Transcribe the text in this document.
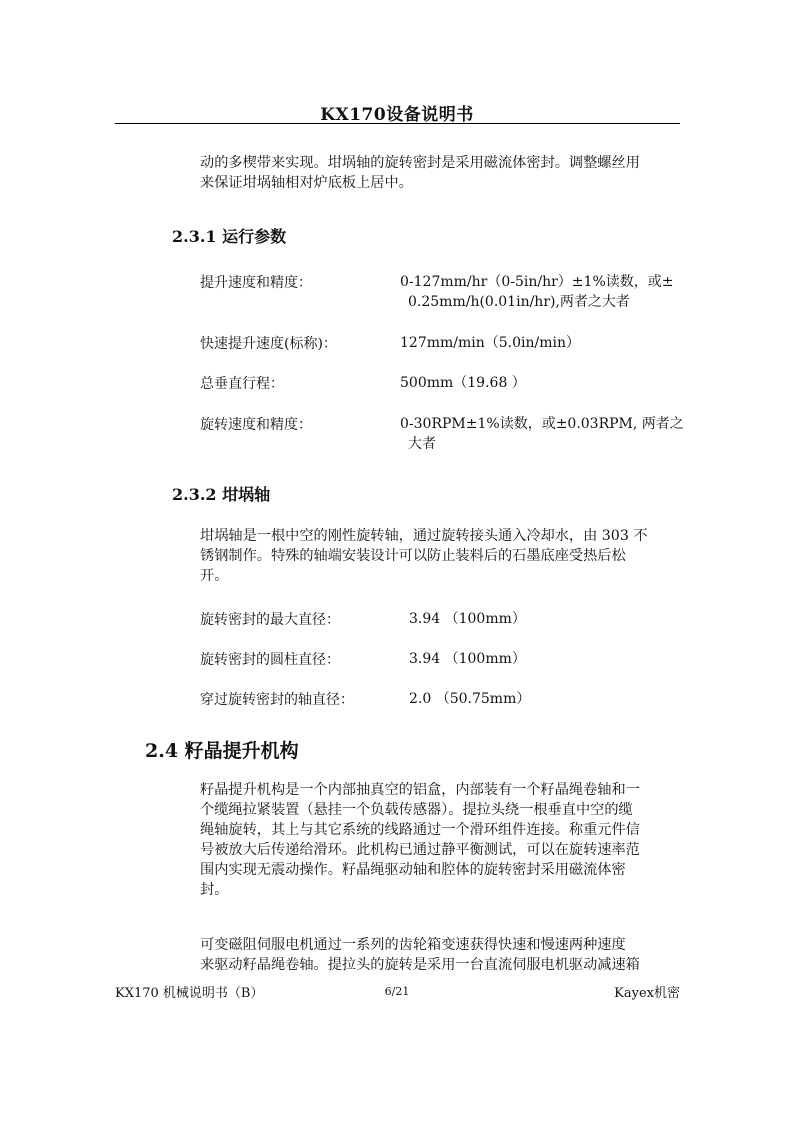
KX170设备说明书
动的多楔带来实现。坩埚轴的旋转密封是采用磁流体密封。调整螺丝用
来保证坩埚轴相对炉底板上居中。
2.3.1 运行参数
提升速度和精度：	0-127mm/hr（0-5in/hr）±1%读数，或±
0.25mm/h(0.01in/hr),两者之大者
快速提升速度(标称)：	127mm/min（5.0in/min）
总垂直行程：	500mm（19.68 ）
旋转速度和精度：	0-30RPM±1%读数，或±0.03RPM, 两者之
大者
2.3.2 坩埚轴
坩埚轴是一根中空的刚性旋转轴，通过旋转接头通入冷却水，由 303 不
锈钢制作。特殊的轴端安装设计可以防止装料后的石墨底座受热后松
开。
旋转密封的最大直径：	3.94 （100mm）
旋转密封的圆柱直径：	3.94 （100mm）
穿过旋转密封的轴直径：	2.0 （50.75mm）
2.4 籽晶提升机构
籽晶提升机构是一个内部抽真空的铝盒，内部装有一个籽晶绳卷轴和一
个缆绳拉紧装置（悬挂一个负载传感器）。提拉头绕一根垂直中空的缆
绳轴旋转，其上与其它系统的线路通过一个滑环组件连接。称重元件信
号被放大后传递给滑环。此机构已通过静平衡测试，可以在旋转速率范
围内实现无震动操作。籽晶绳驱动轴和腔体的旋转密封采用磁流体密
封。
可变磁阻伺服电机通过一系列的齿轮箱变速获得快速和慢速两种速度
来驱动籽晶绳卷轴。提拉头的旋转是采用一台直流伺服电机驱动减速箱
KX170 机械说明书（B）	6/21	Kayex机密
